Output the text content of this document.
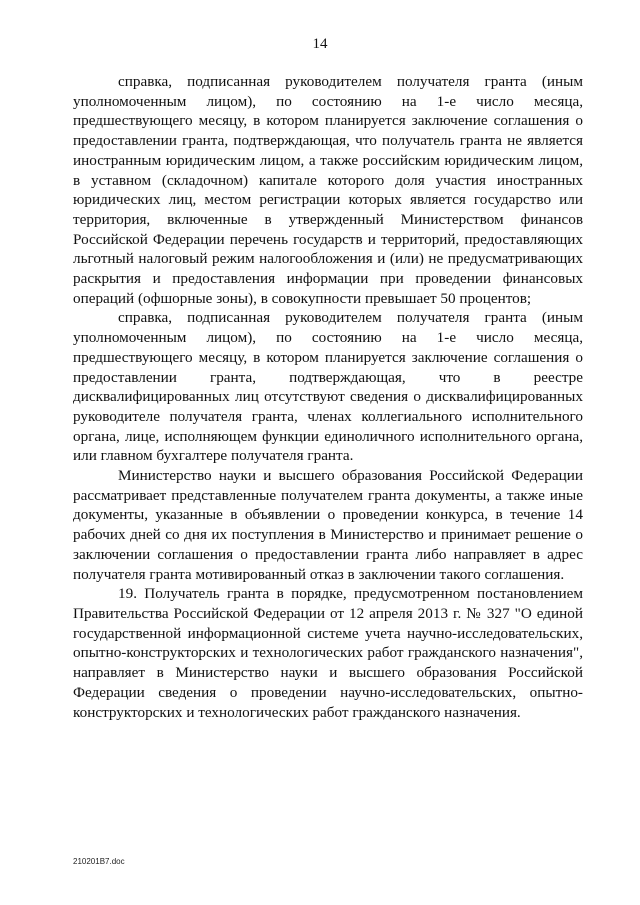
14

справка, подписанная руководителем получателя гранта (иным уполномоченным лицом), по состоянию на 1-е число месяца, предшествующего месяцу, в котором планируется заключение соглашения о предоставлении гранта, подтверждающая, что получатель гранта не является иностранным юридическим лицом, а также российским юридическим лицом, в уставном (складочном) капитале которого доля участия иностранных юридических лиц, местом регистрации которых является государство или территория, включенные в утвержденный Министерством финансов Российской Федерации перечень государств и территорий, предоставляющих льготный налоговый режим налогообложения и (или) не предусматривающих раскрытия и предоставления информации при проведении финансовых операций (офшорные зоны), в совокупности превышает 50 процентов;

справка, подписанная руководителем получателя гранта (иным уполномоченным лицом), по состоянию на 1-е число месяца, предшествующего месяцу, в котором планируется заключение соглашения о предоставлении гранта, подтверждающая, что в реестре дисквалифицированных лиц отсутствуют сведения о дисквалифицированных руководителе получателя гранта, членах коллегиального исполнительного органа, лице, исполняющем функции единоличного исполнительного органа, или главном бухгалтере получателя гранта.

Министерство науки и высшего образования Российской Федерации рассматривает представленные получателем гранта документы, а также иные документы, указанные в объявлении о проведении конкурса, в течение 14 рабочих дней со дня их поступления в Министерство и принимает решение о заключении соглашения о предоставлении гранта либо направляет в адрес получателя гранта мотивированный отказ в заключении такого соглашения.

19. Получатель гранта в порядке, предусмотренном постановлением Правительства Российской Федерации от 12 апреля 2013 г. № 327 "О единой государственной информационной системе учета научно-исследовательских, опытно-конструкторских и технологических работ гражданского назначения", направляет в Министерство науки и высшего образования Российской Федерации сведения о проведении научно-исследовательских, опытно-конструкторских и технологических работ гражданского назначения.

210201В7.doc
